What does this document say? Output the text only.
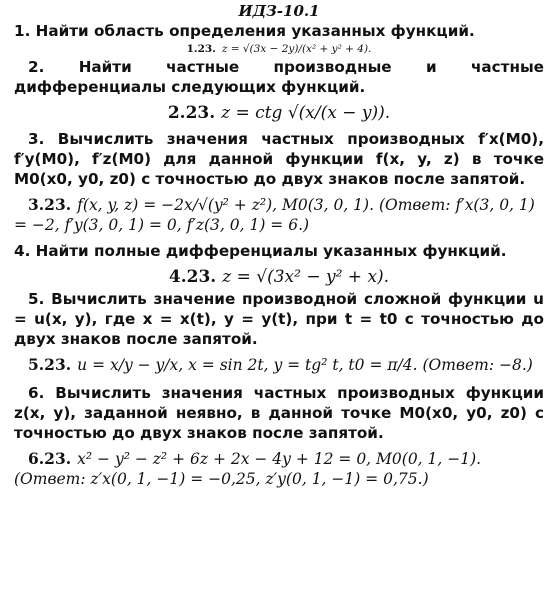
ИДЗ-10.1

1. Найти область определения указанных функций.

1.23. z = √(3x − 2y)/(x² + y² + 4).

2. Найти частные производные и частные дифференциалы следующих функций.

2.23. z = ctg √(x/(x − y)).

3. Вычислить значения частных производных f′x(M0), f′y(M0), f′z(M0) для данной функции f(x, y, z) в точке M0(x0, y0, z0) с точностью до двух знаков после запятой.

3.23. f(x, y, z) = −2x/√(y² + z²), M0(3, 0, 1). (Ответ: f′x(3, 0, 1) = −2, f′y(3, 0, 1) = 0, f′z(3, 0, 1) = 6.)

4. Найти полные дифференциалы указанных функций.

4.23. z = √(3x² − y² + x).

5. Вычислить значение производной сложной функции u = u(x, y), где x = x(t), y = y(t), при t = t0 с точностью до двух знаков после запятой.

5.23. u = x/y − y/x, x = sin 2t, y = tg² t, t0 = π/4. (Ответ: −8.)

6. Вычислить значения частных производных функции z(x, y), заданной неявно, в данной точке M0(x0, y0, z0) с точностью до двух знаков после запятой.

6.23. x² − y² − z² + 6z + 2x − 4y + 12 = 0, M0(0, 1, −1). (Ответ: z′x(0, 1, −1) = −0,25, z′y(0, 1, −1) = 0,75.)
